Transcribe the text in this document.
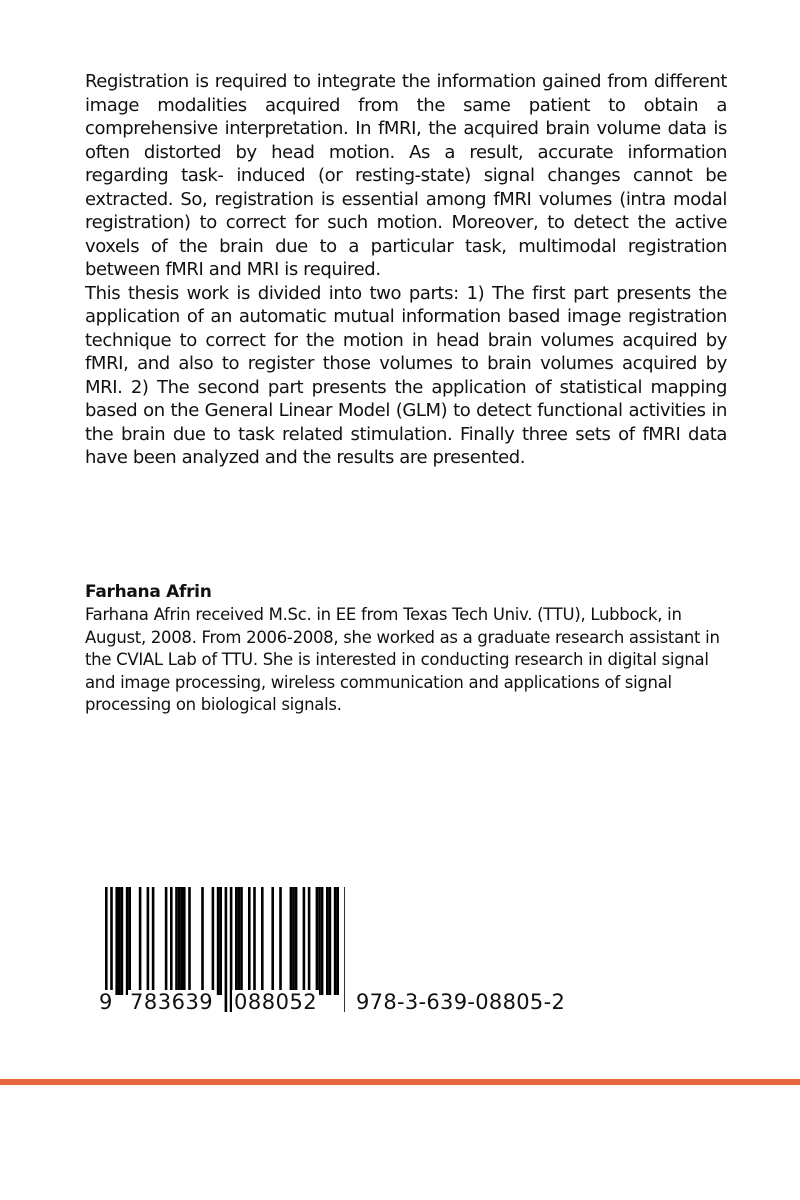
Registration is required to integrate the information gained from different image modalities acquired from the same patient to obtain a comprehensive interpretation. In fMRI, the acquired brain volume data is often distorted by head motion. As a result, accurate information regarding task- induced (or resting-state) signal changes cannot be extracted. So, registration is essential among fMRI volumes (intra modal registration) to correct for such motion. Moreover, to detect the active voxels of the brain due to a particular task, multimodal registration between fMRI and MRI is required.

This thesis work is divided into two parts: 1) The first part presents the application of an automatic mutual information based image registration technique to correct for the motion in head brain volumes acquired by fMRI, and also to register those volumes to brain volumes acquired by MRI. 2) The second part presents the application of statistical mapping based on the General Linear Model (GLM) to detect functional activities in the brain due to task related stimulation. Finally three sets of fMRI data have been analyzed and the results are presented.

Farhana Afrin

Farhana Afrin received M.Sc. in EE from Texas Tech Univ. (TTU), Lubbock, in August, 2008. From 2006-2008, she worked as a graduate research assistant in the CVIAL Lab of TTU. She is interested in conducting research in digital signal and image processing, wireless communication and applications of signal processing on biological signals.

9 783639 088052 978-3-639-08805-2
